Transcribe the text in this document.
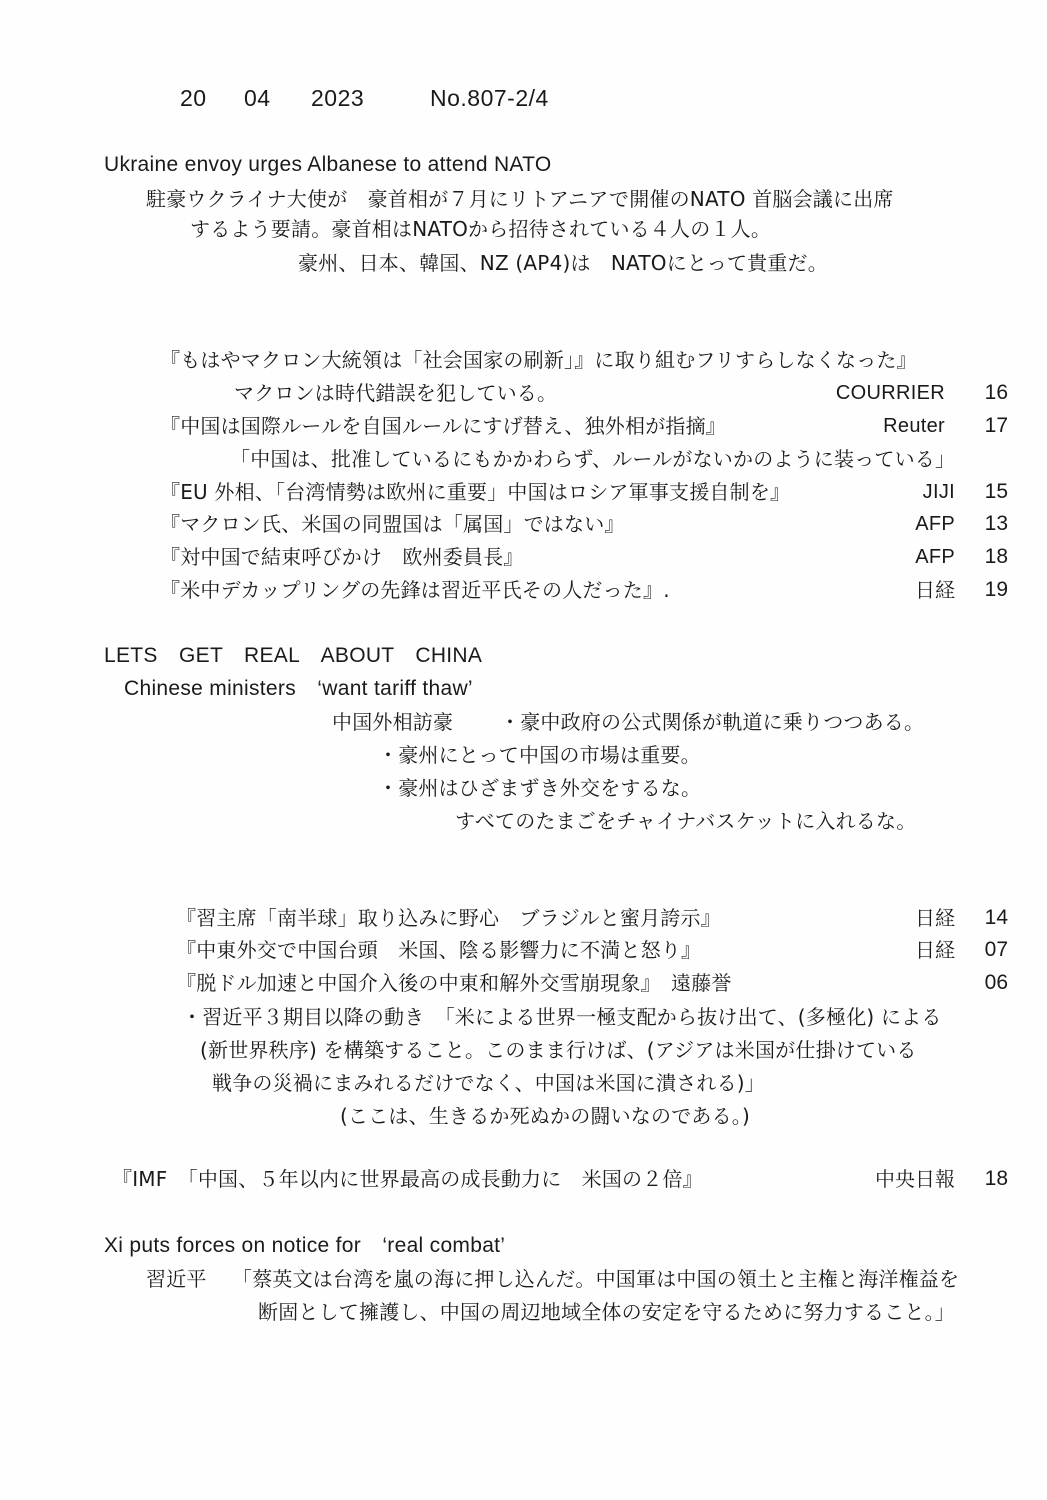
20 04 2023	No.807-2/4
Ukraine envoy urges Albanese to attend NATO
駐豪ウクライナ大使が　豪首相が７月にリトアニアで開催のNATO 首脳会議に出席
するよう要請。豪首相はNATOから招待されている４人の１人。
豪州、日本、韓国、NZ (AP4)は　NATOにとって貴重だ。
『もはやマクロン大統領は「社会国家の刷新」』に取り組むフリすらしなくなった』
マクロンは時代錯誤を犯している。	COURRIER	16
『中国は国際ルールを自国ルールにすげ替え、独外相が指摘』	Reuter	17
「中国は、批准しているにもかかわらず、ルールがないかのように装っている」
『EU 外相、「台湾情勢は欧州に重要」中国はロシア軍事支援自制を』	JIJI	15
『マクロン氏、米国の同盟国は「属国」ではない』	AFP	13
『対中国で結束呼びかけ　欧州委員長』	AFP	18
『米中デカップリングの先鋒は習近平氏その人だった』.	日経	19
LETS　GET　REAL　ABOUT　CHINA
Chinese ministers　‘want tariff thaw’
中国外相訪豪 ・豪中政府の公式関係が軌道に乗りつつある。
・豪州にとって中国の市場は重要。
・豪州はひざまずき外交をするな。
すべてのたまごをチャイナバスケットに入れるな。
『習主席「南半球」取り込みに野心　ブラジルと蜜月誇示』	日経	14
『中東外交で中国台頭　米国、陰る影響力に不満と怒り』	日経	07
『脱ドル加速と中国介入後の中東和解外交雪崩現象』　遠藤誉	06
・習近平３期目以降の動き　「米による世界一極支配から抜け出て、(多極化) による
(新世界秩序) を構築すること。このまま行けば、(アジアは米国が仕掛けている
戦争の災禍にまみれるだけでなく、中国は米国に潰される)」
(ここは、生きるか死ぬかの闘いなのである。)
『IMF　「中国、５年以内に世界最高の成長動力に　米国の２倍』	中央日報	18
Xi puts forces on notice for　‘real combat’
習近平 「蔡英文は台湾を嵐の海に押し込んだ。中国軍は中国の領土と主権と海洋権益を
断固として擁護し、中国の周辺地域全体の安定を守るために努力すること。」
